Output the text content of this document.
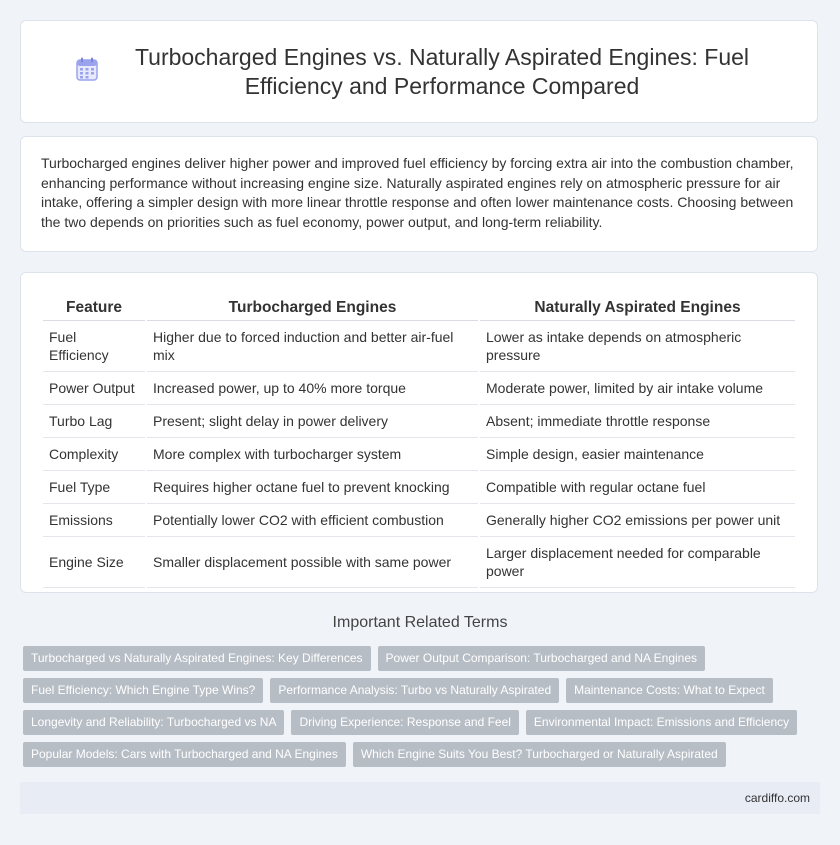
Turbocharged Engines vs. Naturally Aspirated Engines: Fuel Efficiency and Performance Compared

Turbocharged engines deliver higher power and improved fuel efficiency by forcing extra air into the combustion chamber, enhancing performance without increasing engine size. Naturally aspirated engines rely on atmospheric pressure for air intake, offering a simpler design with more linear throttle response and often lower maintenance costs. Choosing between the two depends on priorities such as fuel economy, power output, and long-term reliability.

Feature	Turbocharged Engines	Naturally Aspirated Engines
Fuel Efficiency	Higher due to forced induction and better air-fuel mix	Lower as intake depends on atmospheric pressure
Power Output	Increased power, up to 40% more torque	Moderate power, limited by air intake volume
Turbo Lag	Present; slight delay in power delivery	Absent; immediate throttle response
Complexity	More complex with turbocharger system	Simple design, easier maintenance
Fuel Type	Requires higher octane fuel to prevent knocking	Compatible with regular octane fuel
Emissions	Potentially lower CO2 with efficient combustion	Generally higher CO2 emissions per power unit
Engine Size	Smaller displacement possible with same power	Larger displacement needed for comparable power
Important Related Terms
Turbocharged vs Naturally Aspirated Engines: Key Differences	Power Output Comparison: Turbocharged and NA Engines
Fuel Efficiency: Which Engine Type Wins?	Performance Analysis: Turbo vs Naturally Aspirated	Maintenance Costs: What to Expect
Longevity and Reliability: Turbocharged vs NA	Driving Experience: Response and Feel	Environmental Impact: Emissions and Efficiency
Popular Models: Cars with Turbocharged and NA Engines	Which Engine Suits You Best? Turbocharged or Naturally Aspirated
cardiffo.com
